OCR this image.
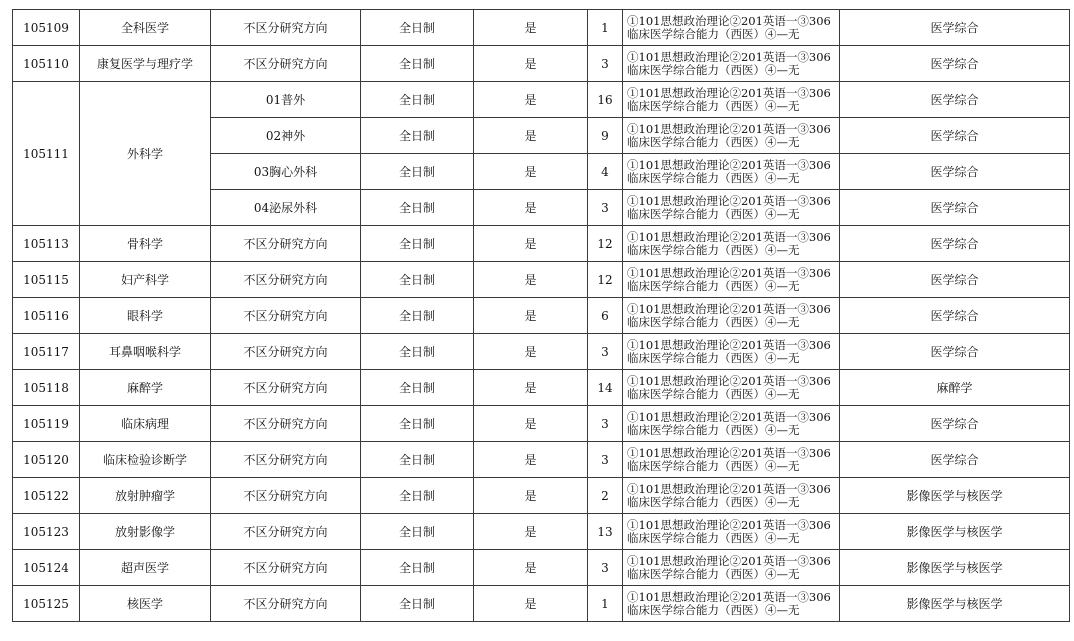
105109	全科医学	不区分研究方向	全日制	是	1	①101思想政治理论②201英语一③306
临床医学综合能力（西医）④—无	医学综合
105110	康复医学与理疗学	不区分研究方向	全日制	是	3	①101思想政治理论②201英语一③306
临床医学综合能力（西医）④—无	医学综合
105111	外科学	01普外	全日制	是	16	①101思想政治理论②201英语一③306
临床医学综合能力（西医）④—无	医学综合
		02神外	全日制	是	9	①101思想政治理论②201英语一③306
临床医学综合能力（西医）④—无	医学综合
		03胸心外科	全日制	是	4	①101思想政治理论②201英语一③306
临床医学综合能力（西医）④—无	医学综合
		04泌尿外科	全日制	是	3	①101思想政治理论②201英语一③306
临床医学综合能力（西医）④—无	医学综合
105113	骨科学	不区分研究方向	全日制	是	12	①101思想政治理论②201英语一③306
临床医学综合能力（西医）④—无	医学综合
105115	妇产科学	不区分研究方向	全日制	是	12	①101思想政治理论②201英语一③306
临床医学综合能力（西医）④—无	医学综合
105116	眼科学	不区分研究方向	全日制	是	6	①101思想政治理论②201英语一③306
临床医学综合能力（西医）④—无	医学综合
105117	耳鼻咽喉科学	不区分研究方向	全日制	是	3	①101思想政治理论②201英语一③306
临床医学综合能力（西医）④—无	医学综合
105118	麻醉学	不区分研究方向	全日制	是	14	①101思想政治理论②201英语一③306
临床医学综合能力（西医）④—无	麻醉学
105119	临床病理	不区分研究方向	全日制	是	3	①101思想政治理论②201英语一③306
临床医学综合能力（西医）④—无	医学综合
105120	临床检验诊断学	不区分研究方向	全日制	是	3	①101思想政治理论②201英语一③306
临床医学综合能力（西医）④—无	医学综合
105122	放射肿瘤学	不区分研究方向	全日制	是	2	①101思想政治理论②201英语一③306
临床医学综合能力（西医）④—无	影像医学与核医学
105123	放射影像学	不区分研究方向	全日制	是	13	①101思想政治理论②201英语一③306
临床医学综合能力（西医）④—无	影像医学与核医学
105124	超声医学	不区分研究方向	全日制	是	3	①101思想政治理论②201英语一③306
临床医学综合能力（西医）④—无	影像医学与核医学
105125	核医学	不区分研究方向	全日制	是	1	①101思想政治理论②201英语一③306
临床医学综合能力（西医）④—无	影像医学与核医学
